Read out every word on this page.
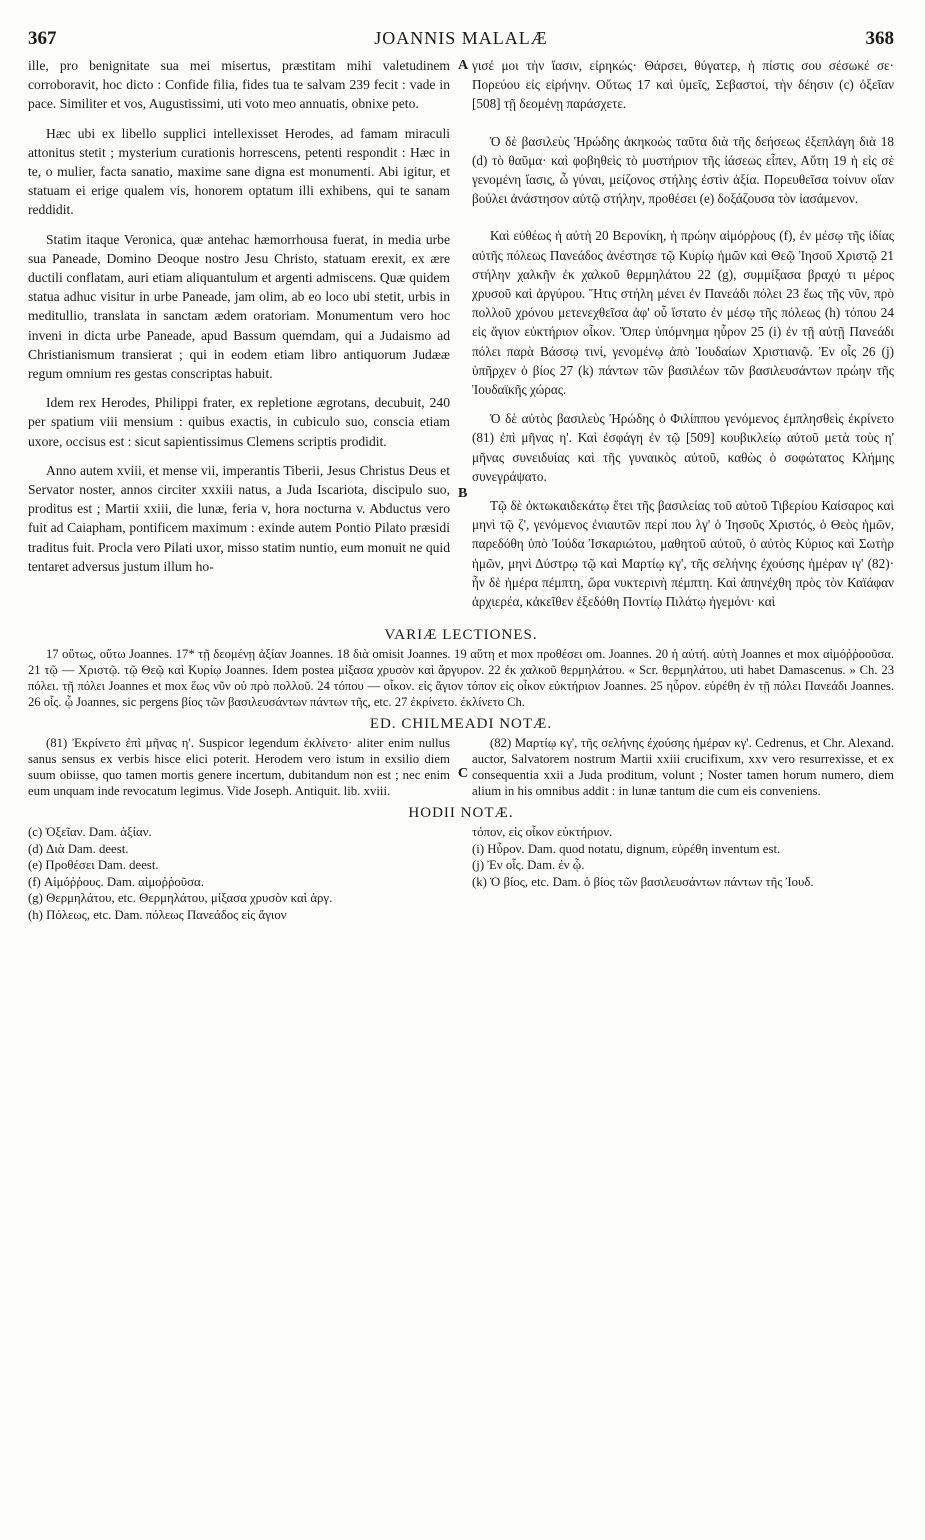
367	JOANNIS MALALÆ	368
A
B
C

ille, pro benignitate sua mei misertus, præstitam mihi valetudinem corroboravit, hoc dicto : Confide filia, fides tua te salvam 239 fecit : vade in pace. Similiter et vos, Augustissimi, uti voto meo annuatis, obnixe peto.

Hæc ubi ex libello supplici intellexisset Herodes, ad famam miraculi attonitus stetit ; mysterium curationis horrescens, petenti respondit : Hæc in te, o mulier, facta sanatio, maxime sane digna est monumenti. Abi igitur, et statuam ei erige qualem vis, honorem optatum illi exhibens, qui te sanam reddidit.

Statim itaque Veronica, quæ antehac hæmorrhousa fuerat, in media urbe sua Paneade, Domino Deoque nostro Jesu Christo, statuam erexit, ex ære ductili conflatam, auri etiam aliquantulum et argenti admiscens. Quæ quidem statua adhuc visitur in urbe Paneade, jam olim, ab eo loco ubi stetit, urbis in meditullio, translata in sanctam ædem oratoriam. Monumentum vero hoc inveni in dicta urbe Paneade, apud Bassum quemdam, qui a Judaismo ad Christianismum transierat ; qui in eodem etiam libro antiquorum Judææ regum omnium res gestas conscriptas habuit.

Idem rex Herodes, Philippi frater, ex repletione ægrotans, decubuit, 240 per spatium viii mensium : quibus exactis, in cubiculo suo, conscia etiam uxore, occisus est : sicut sapientissimus Clemens scriptis prodidit.

Anno autem xviii, et mense vii, imperantis Tiberii, Jesus Christus Deus et Servator noster, annos circiter xxxiii natus, a Juda Iscariota, discipulo suo, proditus est ; Martii xxiii, die lunæ, feria v, hora nocturna v. Abductus vero fuit ad Caiapham, pontificem maximum : exinde autem Pontio Pilato præsidi traditus fuit. Procla vero Pilati uxor, misso statim nuntio, eum monuit ne quid tentaret adversus justum illum ho-

γισέ μοι τὴν ἴασιν, εἰρηκώς· Θάρσει, θύγατερ, ἡ πίστις σου σέσωκέ σε· Πορεύου εἰς εἰρήνην. Οὕτως 17 καὶ ὑμεῖς, Σεβαστοί, τὴν δέησιν (c) ὀξεῖαν [508] τῇ δεομένῃ παράσχετε.

Ὁ δὲ βασιλεὺς Ἡρώδης ἀκηκοὼς ταῦτα διὰ τῆς δεήσεως ἐξεπλάγη διὰ 18 (d) τὸ θαῦμα· καὶ φοβηθεὶς τὸ μυστήριον τῆς ἰάσεως εἶπεν, Αὕτη 19 ἡ εἰς σὲ γενομένη ἴασις, ὦ γύναι, μείζονος στήλης ἐστὶν ἀξία. Πορευθεῖσα τοίνυν οἵαν βούλει ἀνάστησον αὐτῷ στήλην, προθέσει (e) δοξάζουσα τὸν ἰασάμενον.

Καὶ εὐθέως ἡ αὐτὴ 20 Βερονίκη, ἡ πρώην αἱμόρῥους (f), ἐν μέσῳ τῆς ἰδίας αὐτῆς πόλεως Πανεάδος ἀνέστησε τῷ Κυρίῳ ἡμῶν καὶ Θεῷ Ἰησοῦ Χριστῷ 21 στήλην χαλκῆν ἐκ χαλκοῦ θερμηλάτου 22 (g), συμμίξασα βραχύ τι μέρος χρυσοῦ καὶ ἀργύρου. Ἥτις στήλη μένει ἐν Πανεάδι πόλει 23 ἕως τῆς νῦν, πρὸ πολλοῦ χρόνου μετενεχθεῖσα ἀφ' οὗ ἵστατο ἐν μέσῳ τῆς πόλεως (h) τόπου 24 εἰς ἅγιον εὐκτήριον οἶκον. Ὅπερ ὑπόμνημα ηὗρον 25 (i) ἐν τῇ αὐτῇ Πανεάδι πόλει παρὰ Βάσσῳ τινί, γενομένῳ ἀπὸ Ἰουδαίων Χριστιανῷ. Ἐν οἷς 26 (j) ὑπῆρχεν ὁ βίος 27 (k) πάντων τῶν βασιλέων τῶν βασιλευσάντων πρώην τῆς Ἰουδαϊκῆς χώρας.

Ὁ δὲ αὐτὸς βασιλεὺς Ἡρώδης ὁ Φιλίππου γενόμενος ἐμπλησθεὶς ἐκρίνετο (81) ἐπὶ μῆνας η'. Καὶ ἐσφάγη ἐν τῷ [509] κουβικλείῳ αὐτοῦ μετὰ τοὺς η' μῆνας συνειδυίας καὶ τῆς γυναικὸς αὐτοῦ, καθὼς ὁ σοφώτατος Κλήμης συνεγράψατο.

Τῷ δὲ ὀκτωκαιδεκάτῳ ἔτει τῆς βασιλείας τοῦ αὐτοῦ Τιβερίου Καίσαρος καὶ μηνὶ τῷ ζ', γενόμενος ἐνιαυτῶν περί που λγ' ὁ Ἰησοῦς Χριστός, ὁ Θεὸς ἡμῶν, παρεδόθη ὑπὸ Ἰούδα Ἰσκαριώτου, μαθητοῦ αὐτοῦ, ὁ αὐτὸς Κύριος καὶ Σωτὴρ ἡμῶν, μηνὶ Δύστρῳ τῷ καὶ Μαρτίῳ κγ', τῆς σελήνης ἐχούσης ἡμέραν ιγ' (82)· ἦν δὲ ἡμέρα πέμπτη, ὥρα νυκτερινὴ πέμπτη. Καὶ ἀπηνέχθη πρὸς τὸν Καϊάφαν ἀρχιερέα, κἀκεῖθεν ἐξεδόθη Ποντίῳ Πιλάτῳ ἡγεμόνι· καὶ

VARIÆ LECTIONES.
17 οὕτως, οὕτω Joannes. 17* τῇ δεομένῃ ἀξίαν Joannes. 18 διὰ omisit Joannes. 19 αὕτη et mox προθέσει om. Joannes. 20 ἡ αὐτή. αὐτὴ Joannes et mox αἱμόῤῥοοῦσα. 21 τῷ — Χριστῷ. τῷ Θεῷ καὶ Κυρίῳ Joannes. Idem postea μίξασα χρυσὸν καὶ ἄργυρον. 22 ἐκ χαλκοῦ θερμηλάτου. « Scr. θερμηλάτου, uti habet Damascenus. » Ch. 23 πόλει. τῇ πόλει Joannes et mox ἕως νῦν οὐ πρὸ πολλοῦ. 24 τόπου — οἶκον. εἰς ἅγιον τόπον εἰς οἶκον εὐκτήριον Joannes. 25 ηὗρον. εὑρέθη ἐν τῇ πόλει Πανεάδι Joannes. 26 οἷς. ᾧ Joannes, sic pergens βίος τῶν βασιλευσάντων πάντων τῆς, etc. 27 ἐκρίνετο. ἐκλίνετο Ch.
ED. CHILMEADI NOTÆ.

(81) Ἐκρίνετο ἐπὶ μῆνας η'. Suspicor legendum ἐκλίνετο· aliter enim nullus sanus sensus ex verbis hisce elici poterit. Herodem vero istum in exsilio diem suum obiisse, quo tamen mortis genere incertum, dubitandum non est ; nec enim eum unquam inde revocatum legimus. Vide Joseph. Antiquit. lib. xviii.

(82) Μαρτίῳ κγ', τῆς σελήνης ἐχούσης ἡμέραν κγ'. Cedrenus, et Chr. Alexand. auctor, Salvatorem nostrum Martii xxiii crucifixum, xxv vero resurrexisse, et ex consequentia xxii a Juda proditum, volunt ; Noster tamen horum numero, diem alium in his omnibus addit : in lunæ tantum die cum eis conveniens.

HODII NOTÆ.
(c) Ὀξεῖαν. Dam. ἀξίαν.
(d) Διὰ Dam. deest.
(e) Προθέσει Dam. deest.
(f) Αἱμόῤῥους. Dam. αἱμοῤῥοῦσα.
(g) Θερμηλάτου, etc. Θερμηλάτου, μίξασα χρυσὸν καὶ ἀργ.
(h) Πόλεως, etc. Dam. πόλεως Πανεάδος εἰς ἅγιον
τόπον, εἰς οἶκον εὐκτήριον.
(i) Ηὗρον. Dam. quod notatu, dignum, εὑρέθη inventum est.
(j) Ἐν οἷς. Dam. ἐν ᾧ.
(k) Ὁ βίος, etc. Dam. ὁ βίος τῶν βασιλευσάντων πάντων τῆς Ἰουδ.
